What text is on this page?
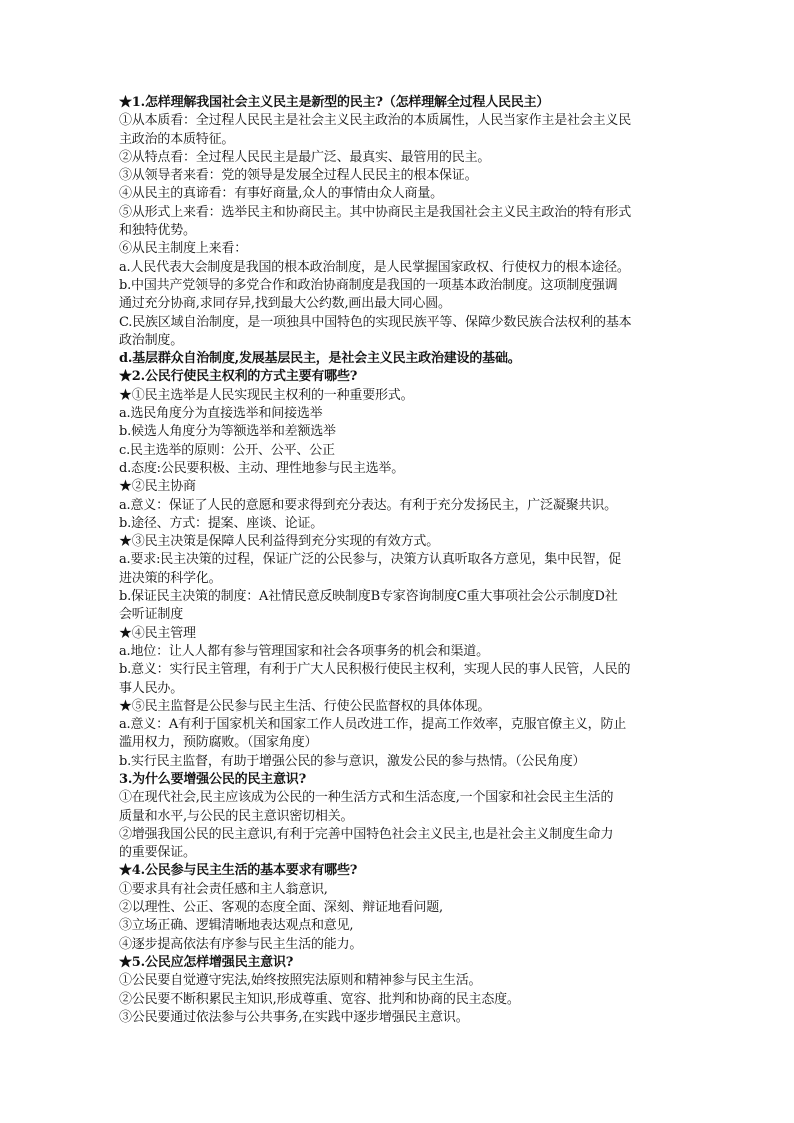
★1.怎样理解我国社会主义民主是新型的民主?（怎样理解全过程人民民主）
①从本质看：全过程人民民主是社会主义民主政治的本质属性，人民当家作主是社会主义民
主政治的本质特征。
②从特点看：全过程人民民主是最广泛、最真实、最管用的民主。
③从领导者来看：党的领导是发展全过程人民民主的根本保证。
④从民主的真谛看：有事好商量,众人的事情由众人商量。
⑤从形式上来看：选举民主和协商民主。其中协商民主是我国社会主义民主政治的特有形式
和独特优势。
⑥从民主制度上来看：
a.人民代表大会制度是我国的根本政治制度，是人民掌握国家政权、行使权力的根本途径。
b.中国共产党领导的多党合作和政治协商制度是我国的一项基本政治制度。这项制度强调
通过充分协商,求同存异,找到最大公约数,画出最大同心圆。
C.民族区域自治制度，是一项独具中国特色的实现民族平等、保障少数民族合法权利的基本
政治制度。
d.基层群众自治制度,发展基层民主，是社会主义民主政治建设的基础。
★2.公民行使民主权利的方式主要有哪些?
★①民主选举是人民实现民主权利的一种重要形式。
a.选民角度分为直接选举和间接选举
b.候选人角度分为等额选举和差额选举
c.民主选举的原则：公开、公平、公正
d.态度:公民要积极、主动、理性地参与民主选举。
★②民主协商
a.意义：保证了人民的意愿和要求得到充分表达。有利于充分发扬民主，广泛凝聚共识。
b.途径、方式：提案、座谈、论证。
★③民主决策是保障人民利益得到充分实现的有效方式。
a.要求:民主决策的过程，保证广泛的公民参与，决策方认真听取各方意见，集中民智，促
进决策的科学化。
b.保证民主决策的制度：A社情民意反映制度B专家咨询制度C重大事项社会公示制度D社
会听证制度
★④民主管理
a.地位：让人人都有参与管理国家和社会各项事务的机会和渠道。
b.意义：实行民主管理，有利于广大人民积极行使民主权利，实现人民的事人民管，人民的
事人民办。
★⑤民主监督是公民参与民主生活、行使公民监督权的具体体现。
a.意义：A有利于国家机关和国家工作人员改进工作，提高工作效率，克服官僚主义，防止
滥用权力，预防腐败。（国家角度）
b.实行民主监督，有助于增强公民的参与意识，激发公民的参与热情。（公民角度）
3.为什么要增强公民的民主意识?
①在现代社会,民主应该成为公民的一种生活方式和生活态度,一个国家和社会民主生活的
质量和水平,与公民的民主意识密切相关。
②增强我国公民的民主意识,有利于完善中国特色社会主义民主,也是社会主义制度生命力
的重要保证。
★4.公民参与民主生活的基本要求有哪些?
①要求具有社会责任感和主人翁意识,
②以理性、公正、客观的态度全面、深刻、辩证地看问题,
③立场正确、逻辑清晰地表达观点和意见,
④逐步提高依法有序参与民主生活的能力。
★5.公民应怎样增强民主意识?
①公民要自觉遵守宪法,始终按照宪法原则和精神参与民主生活。
②公民要不断积累民主知识,形成尊重、宽容、批判和协商的民主态度。
③公民要通过依法参与公共事务,在实践中逐步增强民主意识。
